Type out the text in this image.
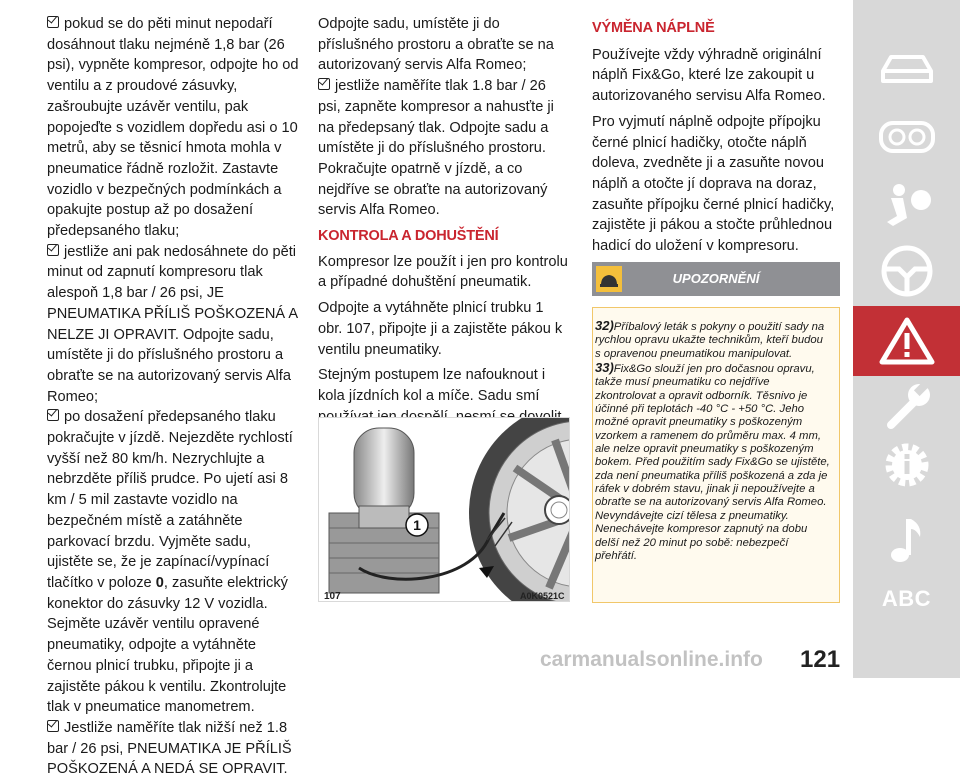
pokud se do pěti minut nepodaří dosáhnout tlaku nejméně 1,8 bar (26 psi), vypněte kompresor, odpojte ho od ventilu a z proudové zásuvky, zašroubujte uzávěr ventilu, pak popojeďte s vozidlem dopředu asi o 10 metrů, aby se těsnicí hmota mohla v pneumatice řádně rozložit. Zastavte vozidlo v bezpečných podmínkách a opakujte postup až po dosažení předepsaného tlaku;

jestliže ani pak nedosáhnete do pěti minut od zapnutí kompresoru tlak alespoň 1,8 bar / 26 psi, JE PNEUMATIKA PŘÍLIŠ POŠKOZENÁ A NELZE JI OPRAVIT. Odpojte sadu, umístěte ji do příslušného prostoru a obraťte se na autorizovaný servis Alfa Romeo;

po dosažení předepsaného tlaku pokračujte v jízdě. Nejezděte rychlostí vyšší než 80 km/h. Nezrychlujte a nebrzděte příliš prudce. Po ujetí asi 8 km / 5 mil zastavte vozidlo na bezpečném místě a zatáhněte parkovací brzdu. Vyjměte sadu, ujistěte se, že je zapínací/vypínací tlačítko v poloze 0, zasuňte elektrický konektor do zásuvky 12 V vozidla. Sejměte uzávěr ventilu opravené pneumatiky, odpojte a vytáhněte černou plnicí trubku, připojte ji a zajistěte pákou k ventilu. Zkontrolujte tlak v pneumatice manometrem.

Jestliže naměříte tlak nižší než 1.8 bar / 26 psi, PNEUMATIKA JE PŘÍLIŠ POŠKOZENÁ A NEDÁ SE OPRAVIT.

Odpojte sadu, umístěte ji do příslušného prostoru a obraťte se na autorizovaný servis Alfa Romeo;

jestliže naměříte tlak 1.8 bar / 26 psi, zapněte kompresor a nahusťte ji na předepsaný tlak. Odpojte sadu a umístěte ji do příslušného prostoru. Pokračujte opatrně v jízdě, a co nejdříve se obraťte na autorizovaný servis Alfa Romeo.

KONTROLA A DOHUŠTĚNÍ

Kompresor lze použít i jen pro kontrolu a případné dohuštění pneumatik.

Odpojte a vytáhněte plnicí trubku 1 obr. 107, připojte ji a zajistěte pákou k ventilu pneumatiky.

Stejným postupem lze nafouknout i kola jízdních kol a míče. Sadu smí

1
107	A0K0521C
VÝMĚNA NÁPLNĚ

Používejte vždy výhradně originální náplň Fix&Go, které lze zakoupit u autorizovaného servisu Alfa Romeo.

Pro vyjmutí náplně odpojte přípojku černé plnicí hadičky, otočte náplň doleva, zvedněte ji a zasuňte novou náplň a otočte jí doprava na doraz, zasuňte přípojku černé plnicí hadičky, zajistěte ji pákou a stočte průhlednou hadicí do uložení v kompresoru.

UPOZORNĚNÍ

32)Příbalový leták s pokyny o použití sady na rychlou opravu ukažte technikům, kteří budou s opravenou pneumatikou manipulovat.

33)Fix&Go slouží jen pro dočasnou opravu, takže musí pneumatiku co nejdříve zkontrolovat a opravit odborník. Těsnivo je účinné při teplotách -40 °C - +50 °C. Jeho možné opravit pneumatiky s poškozeným vzorkem a ramenem do průměru max. 4 mm, ale nelze opravit pneumatiky s poškozeným bokem. Před použitím sady Fix&Go se ujistěte, zda není pneumatika příliš poškozená a zda je ráfek v dobrém stavu, jinak ji nepoužívejte a obraťte se na autorizovaný servis Alfa Romeo. Nevyndávejte cizí tělesa z pneumatiky. Nenechávejte kompresor zapnutý na dobu delší než 20 minut po sobě: nebezpečí přehřátí.

ABC
carmanualsonline.info 121
